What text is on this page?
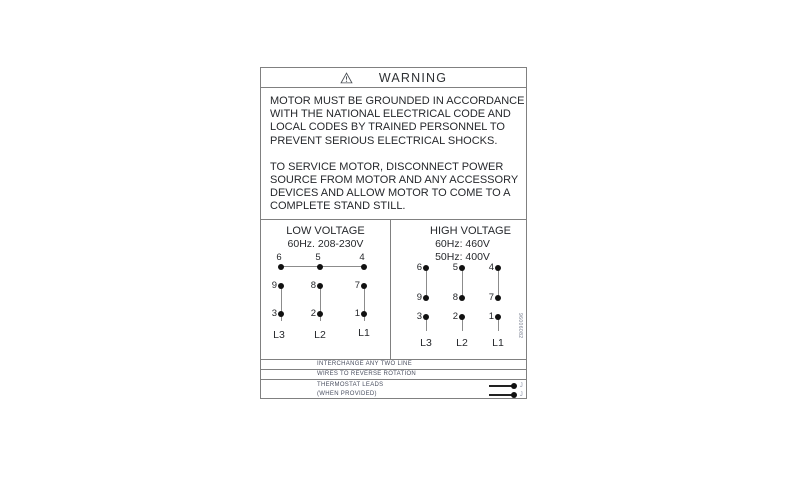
WARNING
MOTOR MUST BE GROUNDED IN ACCORDANCE
WITH THE NATIONAL ELECTRICAL CODE AND
LOCAL CODES BY TRAINED PERSONNEL TO
PREVENT SERIOUS ELECTRICAL SHOCKS.
TO SERVICE MOTOR, DISCONNECT POWER
SOURCE FROM MOTOR AND ANY ACCESSORY
DEVICES AND ALLOW MOTOR TO COME TO A
COMPLETE STAND STILL.
LOW VOLTAGE
60Hz. 208-230V
6	5	4
9	8	7
3	2	1
L3	L2	L1
HIGH VOLTAGE
60Hz: 460V
50Hz: 400V
6	5	4
9	8	7
3	2	1
L3	L2	L1
96006082
INTERCHANGE ANY TWO LINE
WIRES TO REVERSE ROTATION
THERMOSTAT LEADS
(WHEN PROVIDED)
J
J
